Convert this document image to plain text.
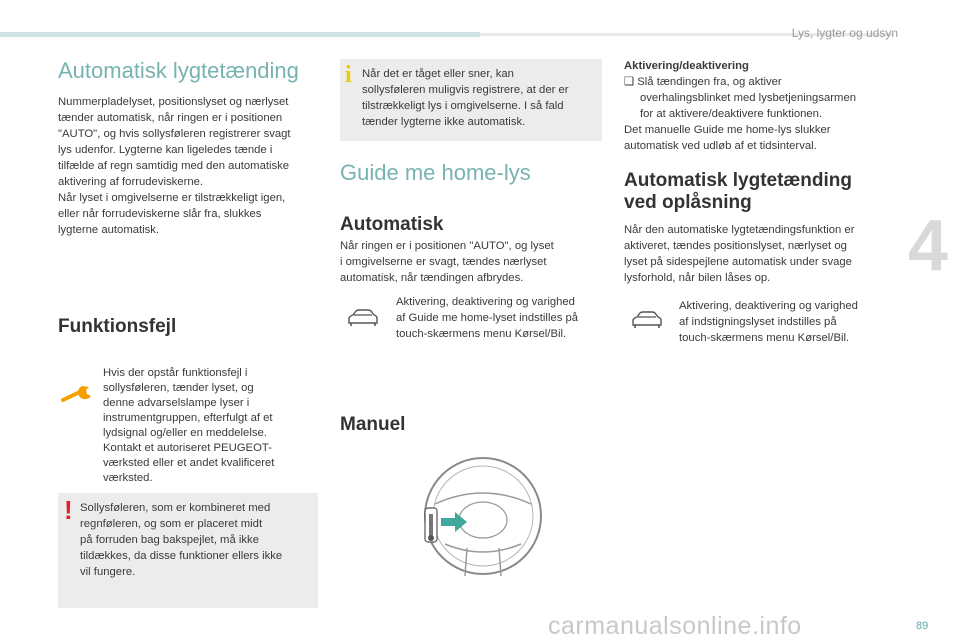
Lys, lygter og udsyn
4
89
Automatisk lygtetænding
Nummerpladelyset, positionslyset og nærlyset
tænder automatisk, når ringen er i positionen
"AUTO", og hvis sollysføleren registrerer svagt
lys udenfor. Lygterne kan ligeledes tænde i
tilfælde af regn samtidig med den automatiske
aktivering af forrudeviskerne.
Når lyset i omgivelserne er tilstrækkeligt igen,
eller når forrudeviskerne slår fra, slukkes
lygterne automatisk.
Funktionsfejl
Hvis der opstår funktionsfejl i
sollysføleren, tænder lyset, og
denne advarselslampe lyser i
instrumentgruppen, efterfulgt af et
lydsignal og/eller en meddelelse.
Kontakt et autoriseret PEUGEOT-
værksted eller et andet kvalificeret
værksted.
! Sollysføleren, som er kombineret med
regnføleren, og som er placeret midt
på forruden bag bakspejlet, må ikke
tildækkes, da disse funktioner ellers ikke
vil fungere.
i Når det er tåget eller sner, kan
sollysføleren muligvis registrere, at der er
tilstrækkeligt lys i omgivelserne. I så fald
tænder lygterne ikke automatisk.
Guide me home-lys
Automatisk
Når ringen er i positionen "AUTO", og lyset
i omgivelserne er svagt, tændes nærlyset
automatisk, når tændingen afbrydes.
Aktivering, deaktivering og varighed
af Guide me home-lyset indstilles på
touch-skærmens menu Kørsel/Bil.
Manuel
Aktivering/deaktivering
❑ Slå tændingen fra, og aktiver
overhalingsblinket med lysbetjeningsarmen
for at aktivere/deaktivere funktionen.
Det manuelle Guide me home-lys slukker
automatisk ved udløb af et tidsinterval.
Automatisk lygtetænding
ved oplåsning
Når den automatiske lygtetændingsfunktion er
aktiveret, tændes positionslyset, nærlyset og
lyset på sidespejlene automatisk under svage
lysforhold, når bilen låses op.
Aktivering, deaktivering og varighed
af indstigningslyset indstilles på
touch-skærmens menu Kørsel/Bil.
carmanualsonline.info
